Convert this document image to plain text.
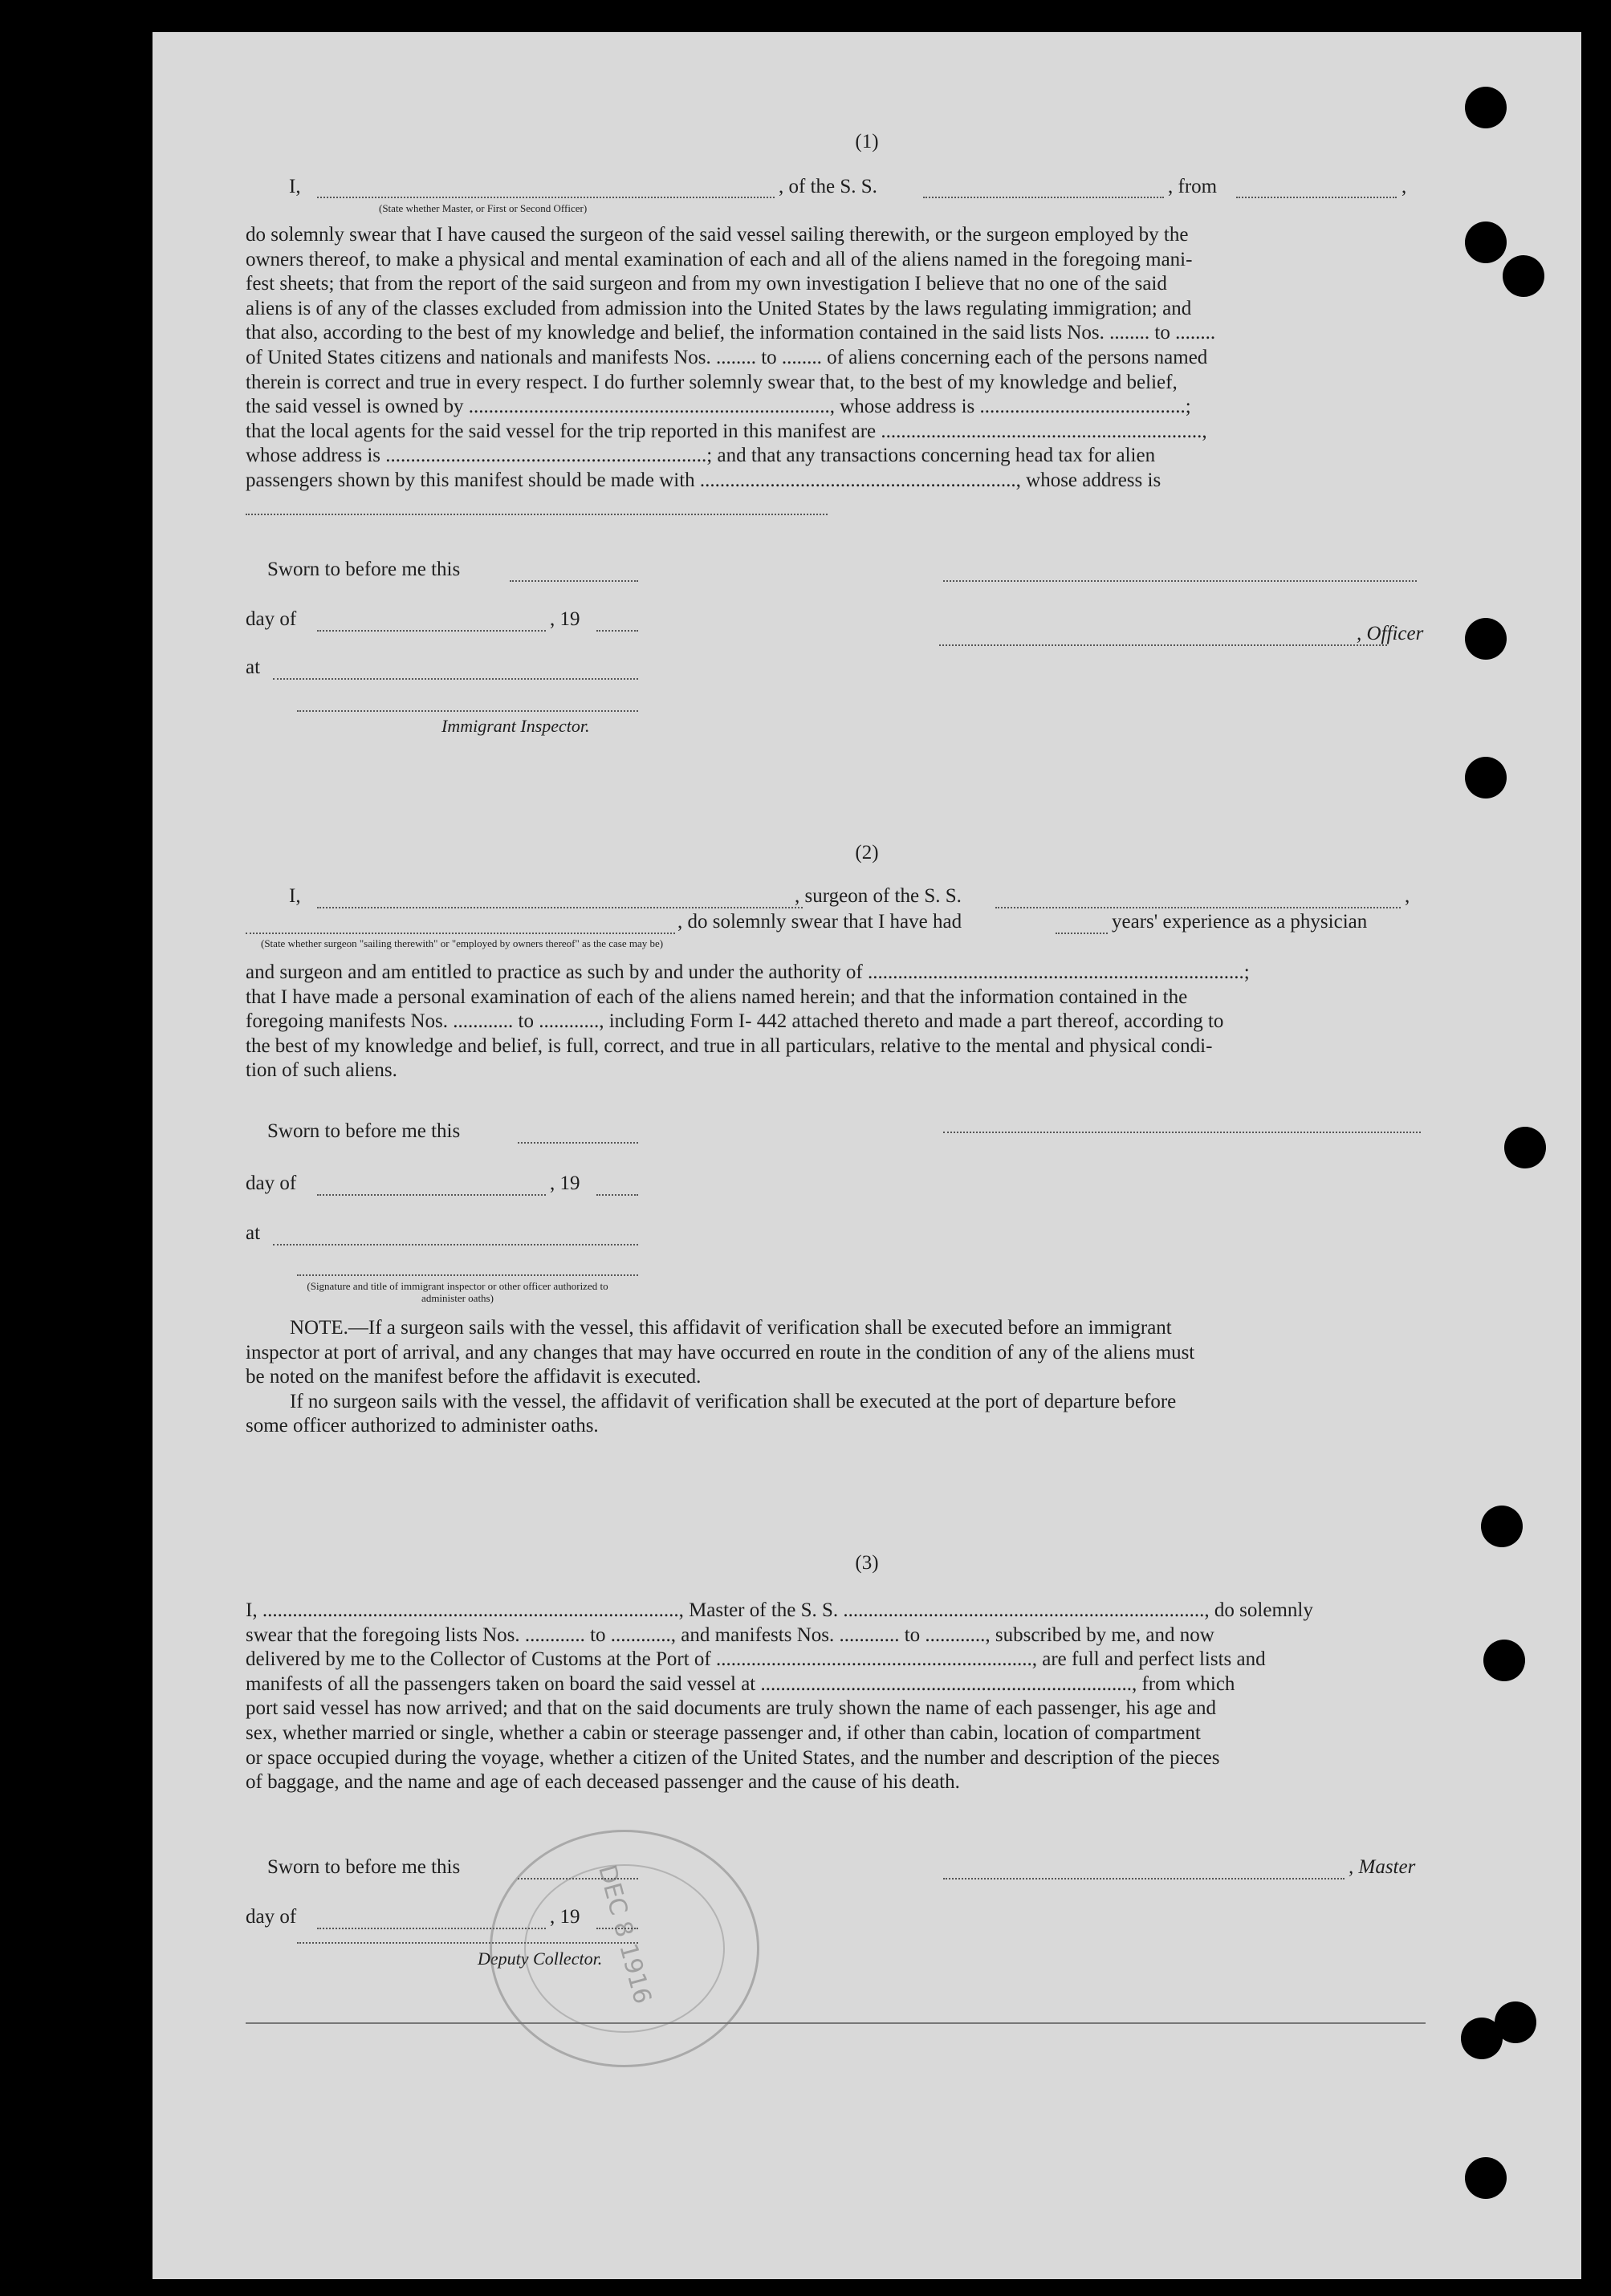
(1)
I,	, of the S. S.	, from	,
(State whether Master, or First or Second Officer)
do solemnly swear that I have caused the surgeon of the said vessel sailing therewith, or the surgeon employed by the
owners thereof, to make a physical and mental examination of each and all of the aliens named in the foregoing mani-
fest sheets; that from the report of the said surgeon and from my own investigation I believe that no one of the said
aliens is of any of the classes excluded from admission into the United States by the laws regulating immigration; and
that also, according to the best of my knowledge and belief, the information contained in the said lists Nos. ........ to ........
of United States citizens and nationals and manifests Nos. ........ to ........ of aliens concerning each of the persons named
therein is correct and true in every respect. I do further solemnly swear that, to the best of my knowledge and belief,
the said vessel is owned by ........................................................................, whose address is .........................................;
that the local agents for the said vessel for the trip reported in this manifest are ................................................................,
whose address is ................................................................; and that any transactions concerning head tax for alien
passengers shown by this manifest should be made with ..............................................................., whose address is
Sworn to before me this
day of	, 19
, Officer
at
Immigrant Inspector.
(2)
I,	, surgeon of the S. S.	,
, do solemnly swear that I have had	years' experience as a physician
(State whether surgeon "sailing therewith" or "employed by owners thereof" as the case may be)
and surgeon and am entitled to practice as such by and under the authority of ...........................................................................;
that I have made a personal examination of each of the aliens named herein; and that the information contained in the
foregoing manifests Nos. ............ to ............, including Form I- 442 attached thereto and made a part thereof, according to
the best of my knowledge and belief, is full, correct, and true in all particulars, relative to the mental and physical condi-
tion of such aliens.
Sworn to before me this
day of	, 19
at
(Signature and title of immigrant inspector or other officer authorized to administer oaths)
NOTE.—If a surgeon sails with the vessel, this affidavit of verification shall be executed before an immigrant
inspector at port of arrival, and any changes that may have occurred en route in the condition of any of the aliens must
be noted on the manifest before the affidavit is executed.
If no surgeon sails with the vessel, the affidavit of verification shall be executed at the port of departure before
some officer authorized to administer oaths.
(3)
I, ..................................................................................., Master of the S. S. ........................................................................, do solemnly
swear that the foregoing lists Nos. ............ to ............, and manifests Nos. ............ to ............, subscribed by me, and now
delivered by me to the Collector of Customs at the Port of ..............................................................., are full and perfect lists and
manifests of all the passengers taken on board the said vessel at .........................................................................., from which
port said vessel has now arrived; and that on the said documents are truly shown the name of each passenger, his age and
sex, whether married or single, whether a cabin or steerage passenger and, if other than cabin, location of compartment
or space occupied during the voyage, whether a citizen of the United States, and the number and description of the pieces
of baggage, and the name and age of each deceased passenger and the cause of his death.
Sworn to before me this	, Master
day of	, 19
Deputy Collector.
DEC 8 1916
